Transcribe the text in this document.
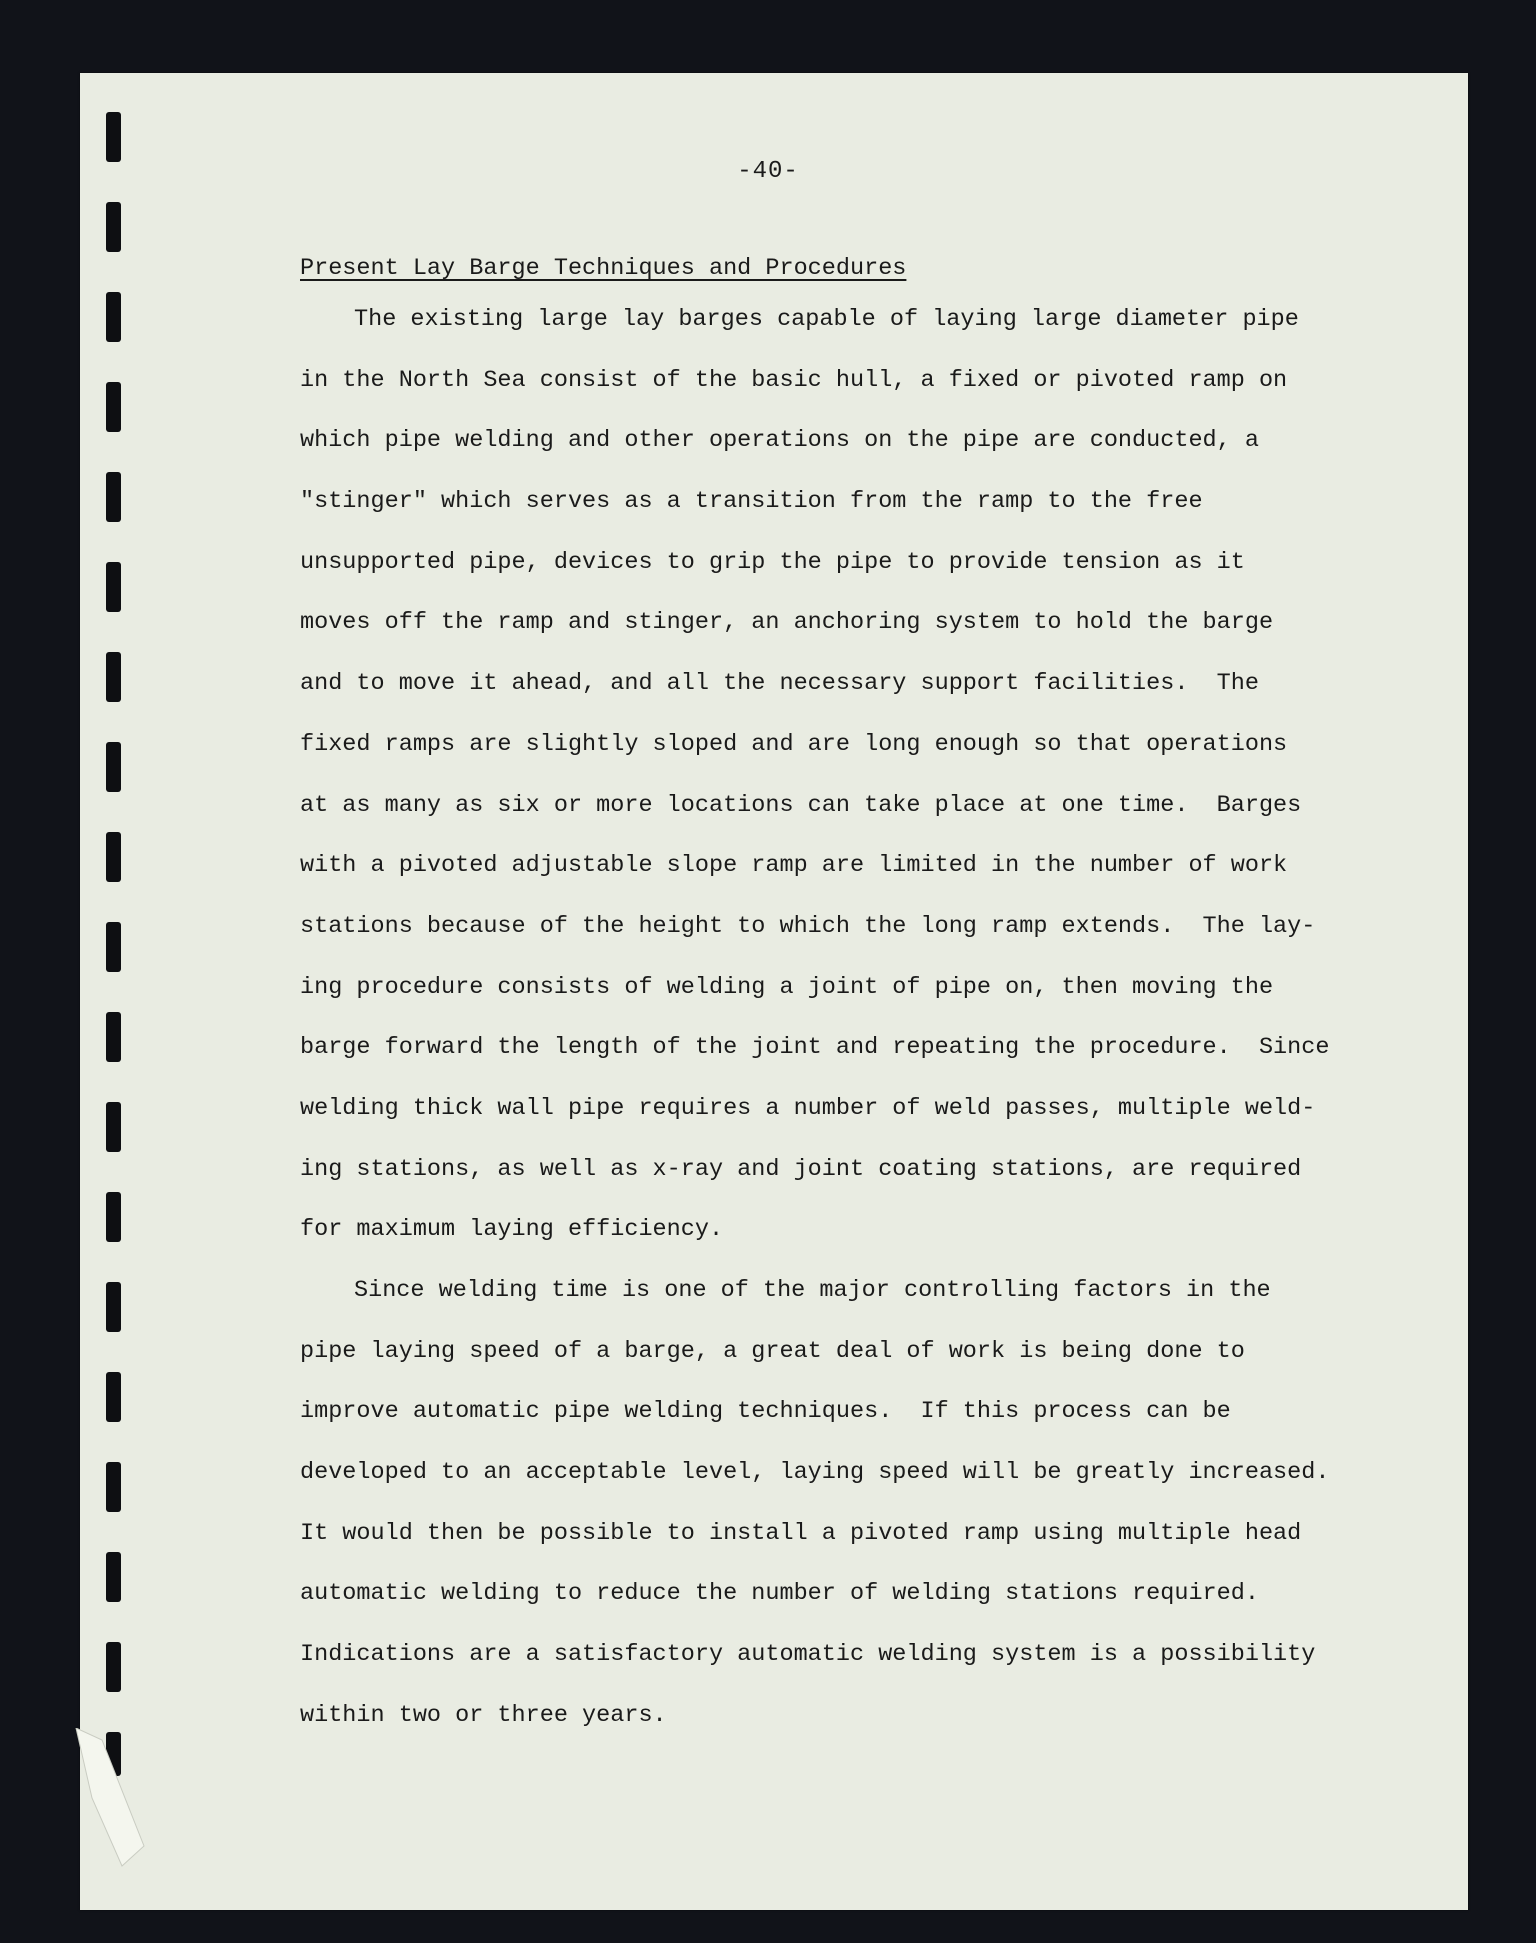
-40-
Present Lay Barge Techniques and Procedures

The existing large lay barges capable of laying large diameter pipe
in the North Sea consist of the basic hull, a fixed or pivoted ramp on
which pipe welding and other operations on the pipe are conducted, a
"stinger" which serves as a transition from the ramp to the free
unsupported pipe, devices to grip the pipe to provide tension as it
moves off the ramp and stinger, an anchoring system to hold the barge
and to move it ahead, and all the necessary support facilities.  The
fixed ramps are slightly sloped and are long enough so that operations
at as many as six or more locations can take place at one time.  Barges
with a pivoted adjustable slope ramp are limited in the number of work
stations because of the height to which the long ramp extends.  The lay-
ing procedure consists of welding a joint of pipe on, then moving the
barge forward the length of the joint and repeating the procedure.  Since
welding thick wall pipe requires a number of weld passes, multiple weld-
ing stations, as well as x-ray and joint coating stations, are required
for maximum laying efficiency.

Since welding time is one of the major controlling factors in the
pipe laying speed of a barge, a great deal of work is being done to
improve automatic pipe welding techniques.  If this process can be
developed to an acceptable level, laying speed will be greatly increased.
It would then be possible to install a pivoted ramp using multiple head
automatic welding to reduce the number of welding stations required.
Indications are a satisfactory automatic welding system is a possibility
within two or three years.
